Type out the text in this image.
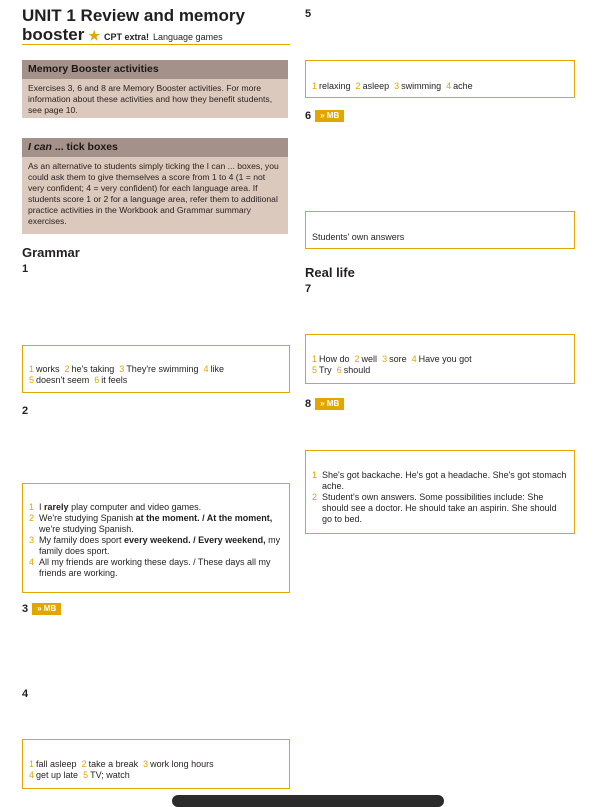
UNIT 1 Review and memory
booster ★ CPT extra! Language games
Memory Booster activities
Exercises 3, 6 and 8 are Memory Booster activities. For more information about these activities and how they benefit students, see page 10.
I can ... tick boxes
As an alternative to students simply ticking the I can ... boxes, you could ask them to give themselves a score from 1 to 4 (1 = not very confident; 4 = very confident) for each language area. If students score 1 or 2 for a language area, refer them to additional practice activities in the Workbook and Grammar summary exercises.
Grammar
1
1 works 2 he's taking 3 They're swimming 4 like
5 doesn't seem 6 it feels
2
1 I rarely play computer and video games.
2 We're studying Spanish at the moment. / At the moment, we're studying Spanish.
3 My family does sport every weekend. / Every weekend, my family does sport.
4 All my friends are working these days. / These days all my friends are working.
3 » MB
4
1 fall asleep 2 take a break 3 work long hours
4 get up late 5 TV; watch
5
1 relaxing 2 asleep 3 swimming 4 ache
6 » MB
Students' own answers
Real life
7
1 How do 2 well 3 sore 4 Have you got
5 Try 6 should
8 » MB
1 She's got backache. He's got a headache. She's got stomach ache.
2 Student's own answers. Some possibilities include: She should see a doctor. He should take an aspirin. She should go to bed.
